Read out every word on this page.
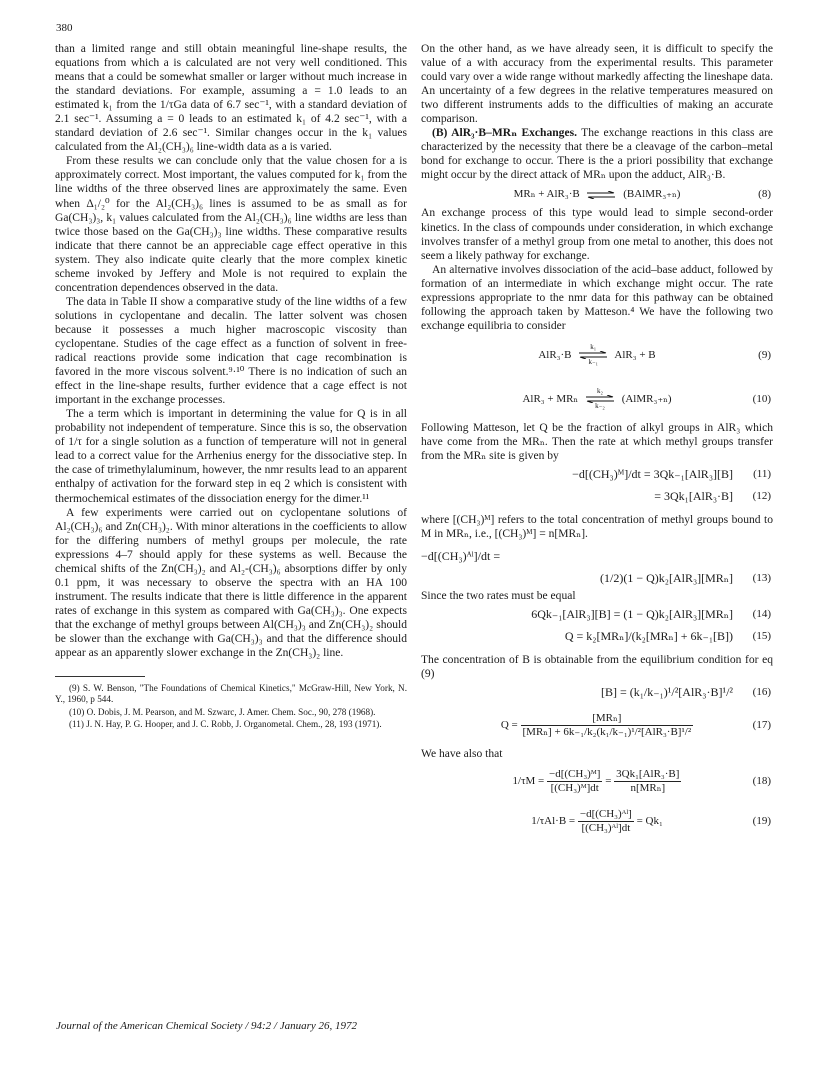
380

than a limited range and still obtain meaningful line-shape results, the equations from which a is calculated are not very well conditioned. This means that a could be somewhat smaller or larger without much increase in the standard deviations. For example, assuming a = 1.0 leads to an estimated k₁ from the 1/τGa data of 6.7 sec⁻¹, with a standard deviation of 2.1 sec⁻¹. Assuming a = 0 leads to an estimated k₁ of 4.2 sec⁻¹, with a standard deviation of 2.6 sec⁻¹. Similar changes occur in the k₁ values calculated from the Al₂(CH₃)₆ line-width data as a is varied.

From these results we can conclude only that the value chosen for a is approximately correct. Most important, the values computed for k₁ from the line widths of the three observed lines are approximately the same. Even when Δ₁/₂⁰ for the Al₂(CH₃)₆ lines is assumed to be as small as for Ga(CH₃)₃, k₁ values calculated from the Al₂(CH₃)₆ line widths are less than twice those based on the Ga(CH₃)₃ line widths. These comparative results indicate that there cannot be an appreciable cage effect operative in this system. They also indicate quite clearly that the more complex kinetic scheme invoked by Jeffery and Mole is not required to explain the concentration dependences observed in the data.

The data in Table II show a comparative study of the line widths of a few solutions in cyclopentane and decalin. The latter solvent was chosen because it possesses a much higher macroscopic viscosity than cyclopentane. Studies of the cage effect as a function of solvent in free-radical reactions provide some indication that cage recombination is favored in the more viscous solvent.⁹·¹⁰ There is no indication of such an effect in the line-shape results, further evidence that a cage effect is not important in the exchange processes.

The a term which is important in determining the value for Q is in all probability not independent of temperature. Since this is so, the observation of 1/τ for a single solution as a function of temperature will not in general lead to a correct value for the Arrhenius energy for the dissociative step. In the case of trimethylaluminum, however, the nmr results lead to an apparent enthalpy of activation for the forward step in eq 2 which is consistent with thermochemical estimates of the dissociation energy for the dimer.¹¹

A few experiments were carried out on cyclopentane solutions of Al₂(CH₃)₆ and Zn(CH₃)₂. With minor alterations in the coefficients to allow for the differing numbers of methyl groups per molecule, the rate expressions 4–7 should apply for these systems as well. Because the chemical shifts of the Zn(CH₃)₂ and Al₂-(CH₃)₆ absorptions differ by only 0.1 ppm, it was necessary to observe the spectra with an HA 100 instrument. The results indicate that there is little difference in the apparent rates of exchange in this system as compared with Ga(CH₃)₃. One expects that the exchange of methyl groups between Al(CH₃)₃ and Zn(CH₃)₂ should be slower than the exchange with Ga(CH₃)₃ and that the difference should appear as an apparently slower exchange in the Zn(CH₃)₂ line.

(9) S. W. Benson, "The Foundations of Chemical Kinetics," McGraw-Hill, New York, N. Y., 1960, p 544.

(10) O. Dobis, J. M. Pearson, and M. Szwarc, J. Amer. Chem. Soc., 90, 278 (1968).

(11) J. N. Hay, P. G. Hooper, and J. C. Robb, J. Organometal. Chem., 28, 193 (1971).

On the other hand, as we have already seen, it is difficult to specify the value of a with accuracy from the experimental results. This parameter could vary over a wide range without markedly affecting the lineshape data. An uncertainty of a few degrees in the relative temperatures measured on two different instruments adds to the difficulties of making an accurate comparison.

(B) AlR₃·B–MRₙ Exchanges. The exchange reactions in this class are characterized by the necessity that there be a cleavage of the carbon–metal bond for exchange to occur. There is the a priori possibility that exchange might occur by the direct attack of MRₙ upon the adduct, AlR₃·B.

MRₙ + AlR₃·B ⇌ (BAlMR₃₊ₙ)	(8)

An exchange process of this type would lead to simple second-order kinetics. In the class of compounds under consideration, in which exchange involves transfer of a methyl group from one metal to another, this does not seem a likely pathway for exchange.

An alternative involves dissociation of the acid–base adduct, followed by formation of an intermediate in which exchange might occur. The rate expressions appropriate to the nmr data for this pathway can be obtained following the approach taken by Matteson.⁴ We have the following two exchange equilibria to consider

AlR₃·B
k₁
k₋₁
AlR₃ + B	(9)
AlR₃ + MRₙ
k₂
k₋₂
(AlMR₃₊ₙ)	(10)

Following Matteson, let Q be the fraction of alkyl groups in AlR₃ which have come from the MRₙ. Then the rate at which methyl groups transfer from the MRₙ site is given by

−d[(CH₃)ᴹ]/dt = 3Qk₋₁[AlR₃][B] (11)
= 3Qk₁[AlR₃·B] (12)

where [(CH₃)ᴹ] refers to the total concentration of methyl groups bound to M in MRₙ, i.e., [(CH₃)ᴹ] = n[MRₙ].

−d[(CH₃)ᴬˡ]/dt =
(1/2)(1 − Q)k₂[AlR₃][MRₙ] (13)

Since the two rates must be equal

6Qk₋₁[AlR₃][B] = (1 − Q)k₂[AlR₃][MRₙ] (14)
Q = k₂[MRₙ]/(k₂[MRₙ] + 6k₋₁[B]) (15)

The concentration of B is obtainable from the equilibrium condition for eq (9)

[B] = (k₁/k₋₁)¹/²[AlR₃·B]¹/² (16)
$Q = \frac{\text{[MRₙ]}}{\text{[MRₙ] + 6k₋₁/k₂(k₁/k₋₁)¹/²[AlR₃·B]¹/²}}$	(17)

We have also that

$1/\tau M = \frac{\text{−d[(CH₃)ᴹ]}}{\text{[(CH₃)ᴹ]dt}} = \frac{\text{3Qk₁[AlR₃·B]}}{\text{n[MRₙ]}}$	(18)
$1/\tau Al\cdot B = \frac{\text{−d[(CH₃)ᴬˡ]}}{\text{[(CH₃)ᴬˡ]dt}} = Qk_1$	(19)
Journal of the American Chemical Society / 94:2 / January 26, 1972
